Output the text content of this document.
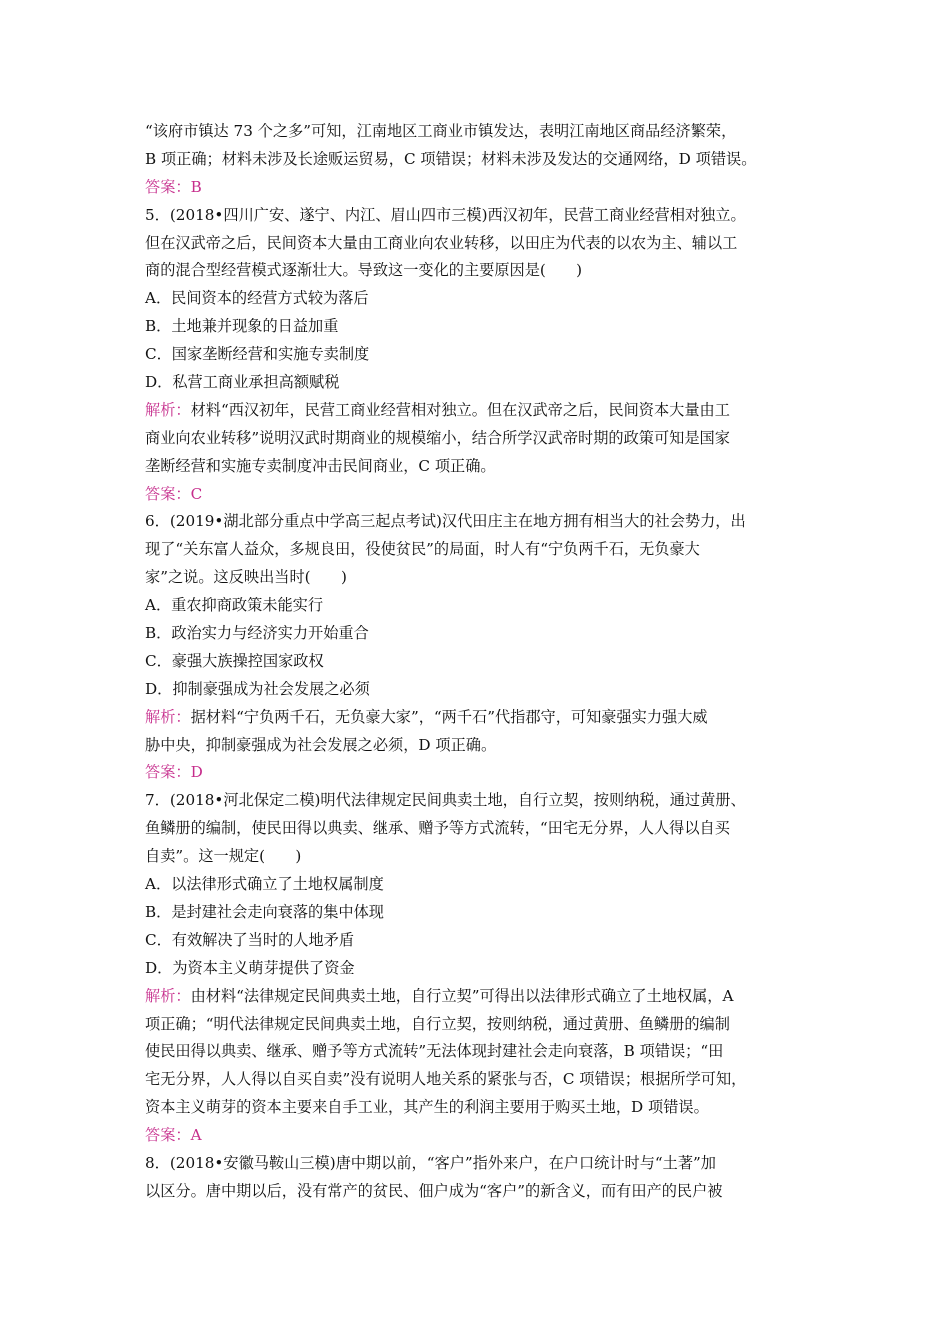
“该府市镇达 73 个之多”可知，江南地区工商业市镇发达，表明江南地区商品经济繁荣，
B 项正确；材料未涉及长途贩运贸易，C 项错误；材料未涉及发达的交通网络，D 项错误。
答案：B
5．(2018•四川广安、遂宁、内江、眉山四市三模)西汉初年，民营工商业经营相对独立。
但在汉武帝之后，民间资本大量由工商业向农业转移，以田庄为代表的以农为主、辅以工
商的混合型经营模式逐渐壮大。导致这一变化的主要原因是(　　)
A．民间资本的经营方式较为落后
B．土地兼并现象的日益加重
C．国家垄断经营和实施专卖制度
D．私营工商业承担高额赋税
解析：材料“西汉初年，民营工商业经营相对独立。但在汉武帝之后，民间资本大量由工
商业向农业转移”说明汉武时期商业的规模缩小，结合所学汉武帝时期的政策可知是国家
垄断经营和实施专卖制度冲击民间商业，C 项正确。
答案：C
6．(2019•湖北部分重点中学高三起点考试)汉代田庄主在地方拥有相当大的社会势力，出
现了“关东富人益众，多规良田，役使贫民”的局面，时人有“宁负两千石，无负豪大
家”之说。这反映出当时(　　)
A．重农抑商政策未能实行
B．政治实力与经济实力开始重合
C．豪强大族操控国家政权
D．抑制豪强成为社会发展之必须
解析：据材料“宁负两千石，无负豪大家”，“两千石”代指郡守，可知豪强实力强大威
胁中央，抑制豪强成为社会发展之必须，D 项正确。
答案：D
7．(2018•河北保定二模)明代法律规定民间典卖土地，自行立契，按则纳税，通过黄册、
鱼鳞册的编制，使民田得以典卖、继承、赠予等方式流转，“田宅无分界，人人得以自买
自卖”。这一规定(　　)
A．以法律形式确立了土地权属制度
B．是封建社会走向衰落的集中体现
C．有效解决了当时的人地矛盾
D．为资本主义萌芽提供了资金
解析：由材料“法律规定民间典卖土地，自行立契”可得出以法律形式确立了土地权属，A
项正确；“明代法律规定民间典卖土地，自行立契，按则纳税，通过黄册、鱼鳞册的编制
使民田得以典卖、继承、赠予等方式流转”无法体现封建社会走向衰落，B 项错误；“田
宅无分界，人人得以自买自卖”没有说明人地关系的紧张与否，C 项错误；根据所学可知，
资本主义萌芽的资本主要来自手工业，其产生的利润主要用于购买土地，D 项错误。
答案：A
8．(2018•安徽马鞍山三模)唐中期以前，“客户”指外来户，在户口统计时与“土著”加
以区分。唐中期以后，没有常产的贫民、佃户成为“客户”的新含义，而有田产的民户被
